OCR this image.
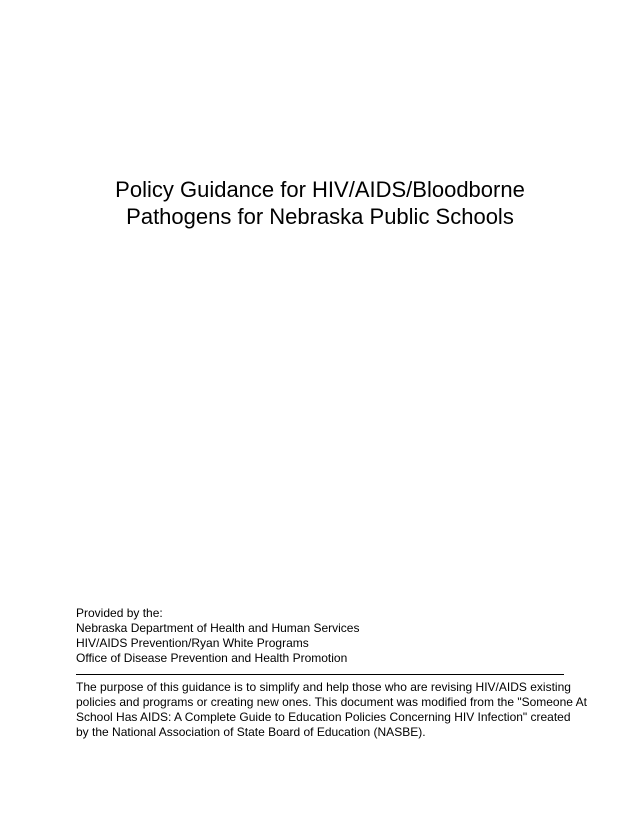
Policy Guidance for HIV/AIDS/Bloodborne
Pathogens for Nebraska Public Schools
Provided by the:
Nebraska Department of Health and Human Services
HIV/AIDS Prevention/Ryan White Programs
Office of Disease Prevention and Health Promotion
The purpose of this guidance is to simplify and help those who are revising HIV/AIDS existing
policies and programs or creating new ones. This document was modified from the "Someone At
School Has AIDS: A Complete Guide to Education Policies Concerning HIV Infection" created
by the National Association of State Board of Education (NASBE).
